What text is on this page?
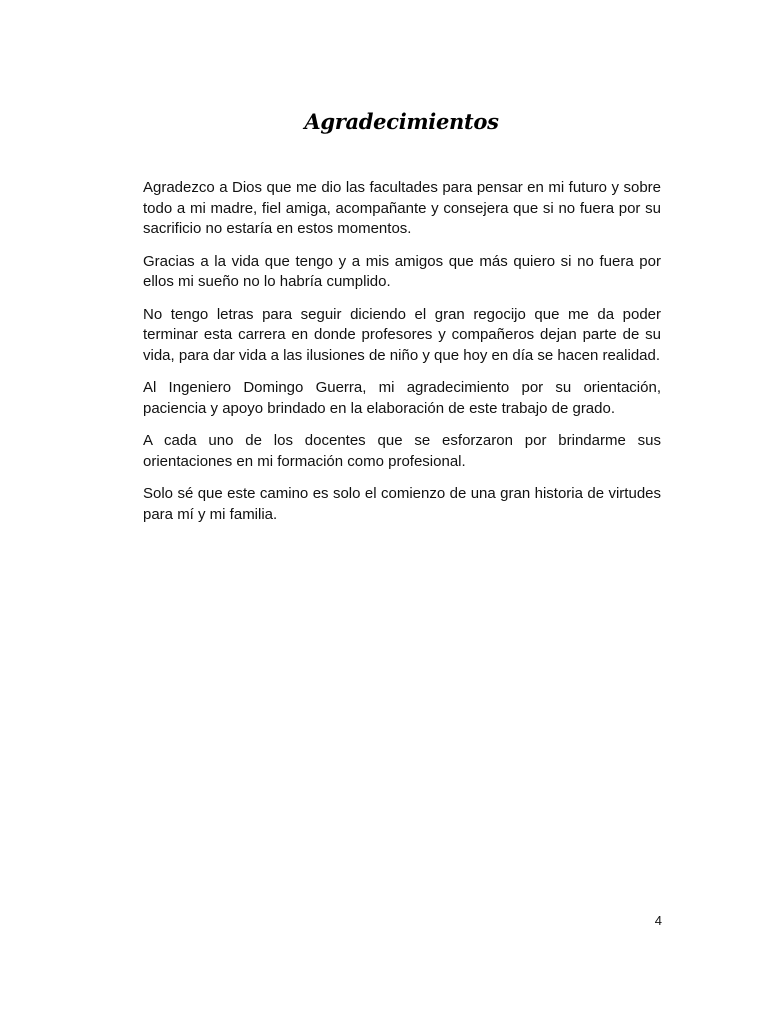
Agradecimientos

Agradezco a Dios que me dio las facultades para pensar en mi futuro y sobre todo a mi madre, fiel amiga, acompañante y consejera que si no fuera por su sacrificio no estaría en estos momentos.

Gracias a la vida que tengo y a mis amigos que más quiero si no fuera por ellos mi sueño no lo habría cumplido.

No tengo letras para seguir diciendo el gran regocijo que me da poder terminar esta carrera en donde profesores y compañeros dejan parte de su vida, para dar vida a las ilusiones de niño y que hoy en día se hacen realidad.

Al Ingeniero Domingo Guerra, mi agradecimiento por su orientación, paciencia y apoyo brindado en la elaboración de este trabajo de grado.

A cada uno de los docentes que se esforzaron por brindarme sus orientaciones en mi formación como profesional.

Solo sé que este camino es solo el comienzo de una gran historia de virtudes para mí y mi familia.

4
